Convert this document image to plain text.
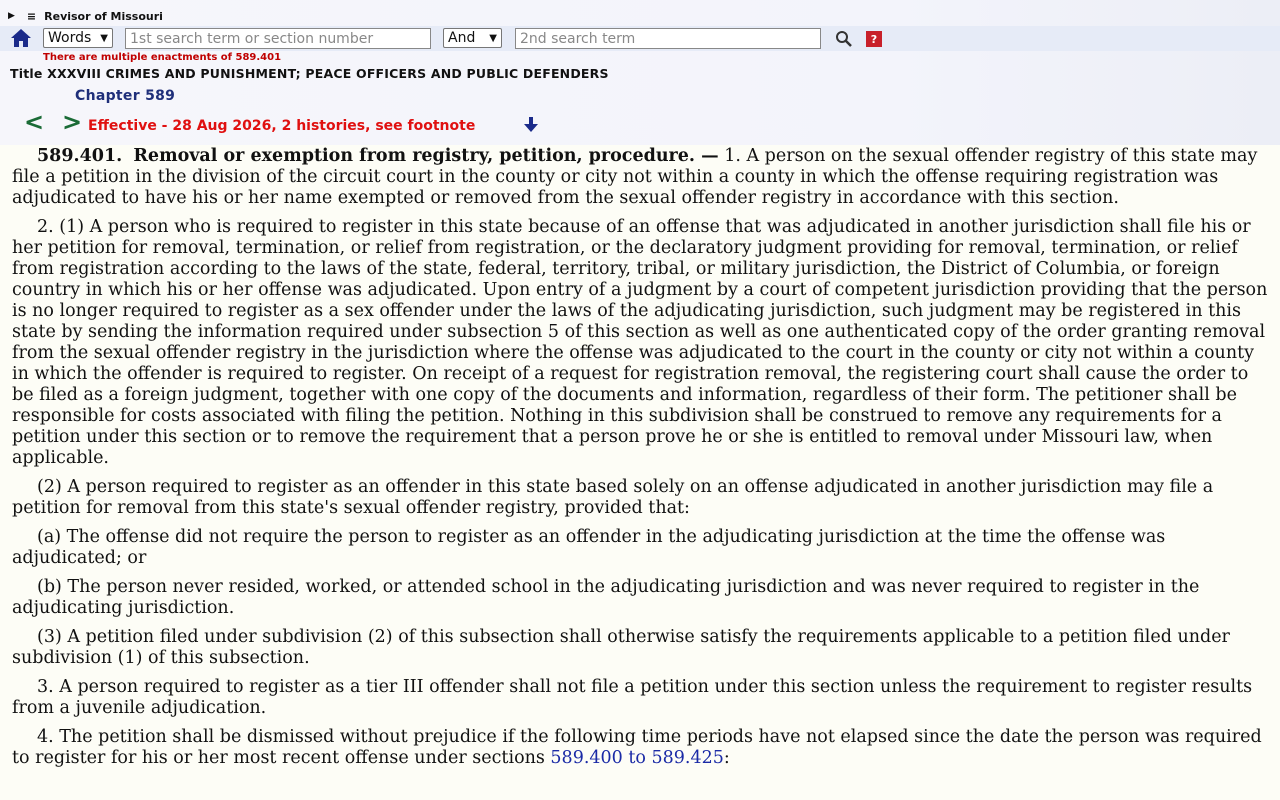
▶ ≡ Revisor of Missouri
Words ▼
1st search term or section number	And ▼
2nd search term	?
There are multiple enactments of 589.401
Title XXXVIII CRIMES AND PUNISHMENT; PEACE OFFICERS AND PUBLIC DEFENDERS
Chapter 589
< > Effective - 28 Aug 2026, 2 histories, see footnote

589.401. Removal or exemption from registry, petition, procedure. — 1. A person on the sexual offender registry of this state may file a petition in the division of the circuit court in the county or city not within a county in which the offense requiring registration was adjudicated to have his or her name exempted or removed from the sexual offender registry in accordance with this section.

2. (1) A person who is required to register in this state because of an offense that was adjudicated in another jurisdiction shall file his or her petition for removal, termination, or relief from registration, or the declaratory judgment providing for removal, termination, or relief from registration according to the laws of the state, federal, territory, tribal, or military jurisdiction, the District of Columbia, or foreign country in which his or her offense was adjudicated. Upon entry of a judgment by a court of competent jurisdiction providing that the person is no longer required to register as a sex offender under the laws of the adjudicating jurisdiction, such judgment may be registered in this state by sending the information required under subsection 5 of this section as well as one authenticated copy of the order granting removal from the sexual offender registry in the jurisdiction where the offense was adjudicated to the court in the county or city not within a county in which the offender is required to register. On receipt of a request for registration removal, the registering court shall cause the order to be filed as a foreign judgment, together with one copy of the documents and information, regardless of their form. The petitioner shall be responsible for costs associated with filing the petition. Nothing in this subdivision shall be construed to remove any requirements for a petition under this section or to remove the requirement that a person prove he or she is entitled to removal under Missouri law, when applicable.

(2) A person required to register as an offender in this state based solely on an offense adjudicated in another jurisdiction may file a petition for removal from this state's sexual offender registry, provided that:

(a) The offense did not require the person to register as an offender in the adjudicating jurisdiction at the time the offense was adjudicated; or

(b) The person never resided, worked, or attended school in the adjudicating jurisdiction and was never required to register in the adjudicating jurisdiction.

(3) A petition filed under subdivision (2) of this subsection shall otherwise satisfy the requirements applicable to a petition filed under subdivision (1) of this subsection.

3. A person required to register as a tier III offender shall not file a petition under this section unless the requirement to register results from a juvenile adjudication.

4. The petition shall be dismissed without prejudice if the following time periods have not elapsed since the date the person was required to register for his or her most recent offense under sections 589.400 to 589.425:
